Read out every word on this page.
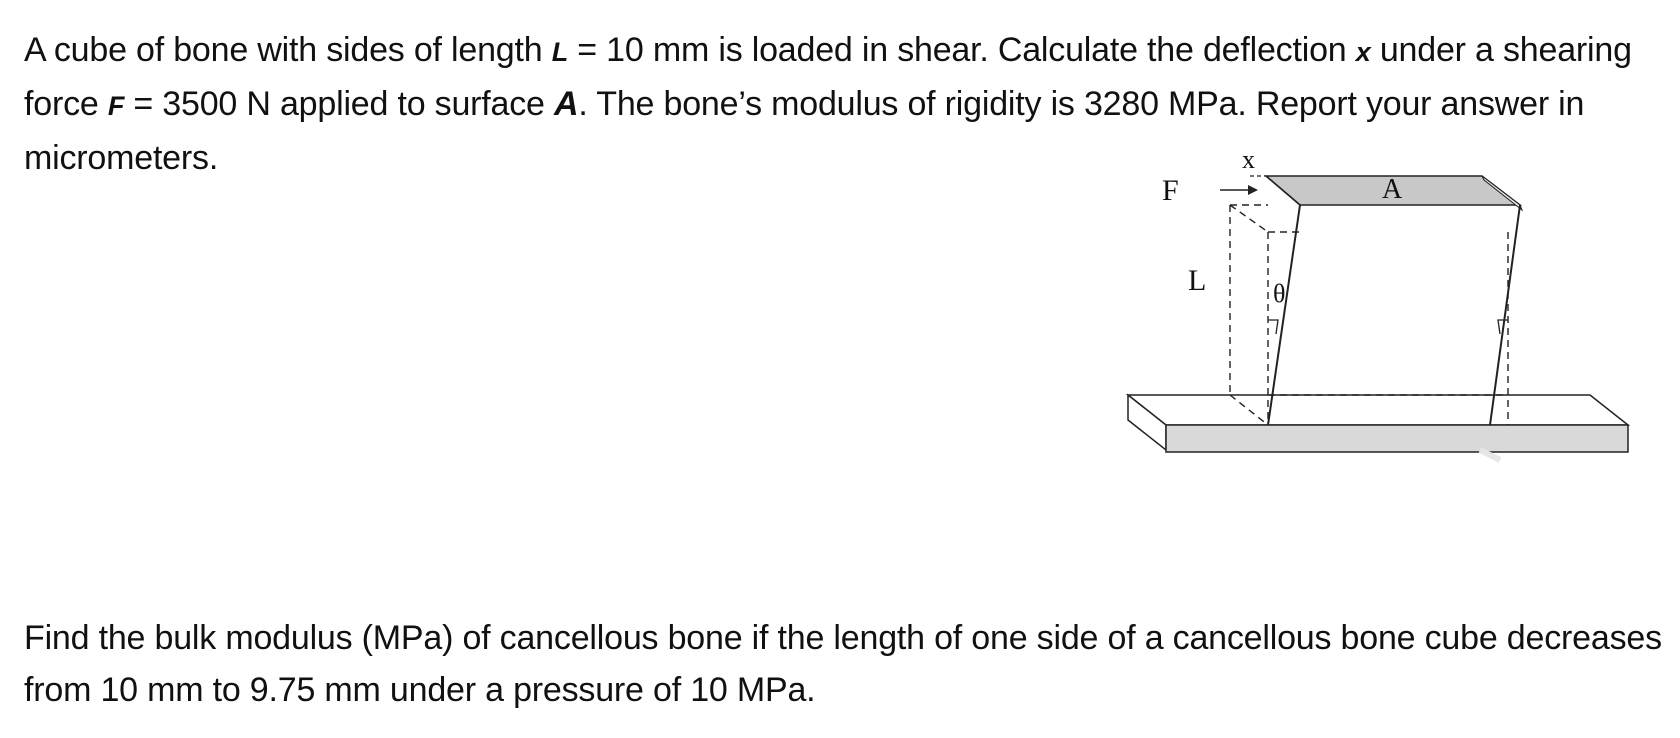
A cube of bone with sides of length L = 10 mm is loaded in shear. Calculate the deflection x under a shearing force F = 3500 N applied to surface A. The bone’s modulus of rigidity is 3280 MPa. Report your answer in micrometers.	x
F	A
L	θ
Find the bulk modulus (MPa) of cancellous bone if the length of one side of a cancellous bone cube decreases from 10 mm to 9.75 mm under a pressure of 10 MPa.
